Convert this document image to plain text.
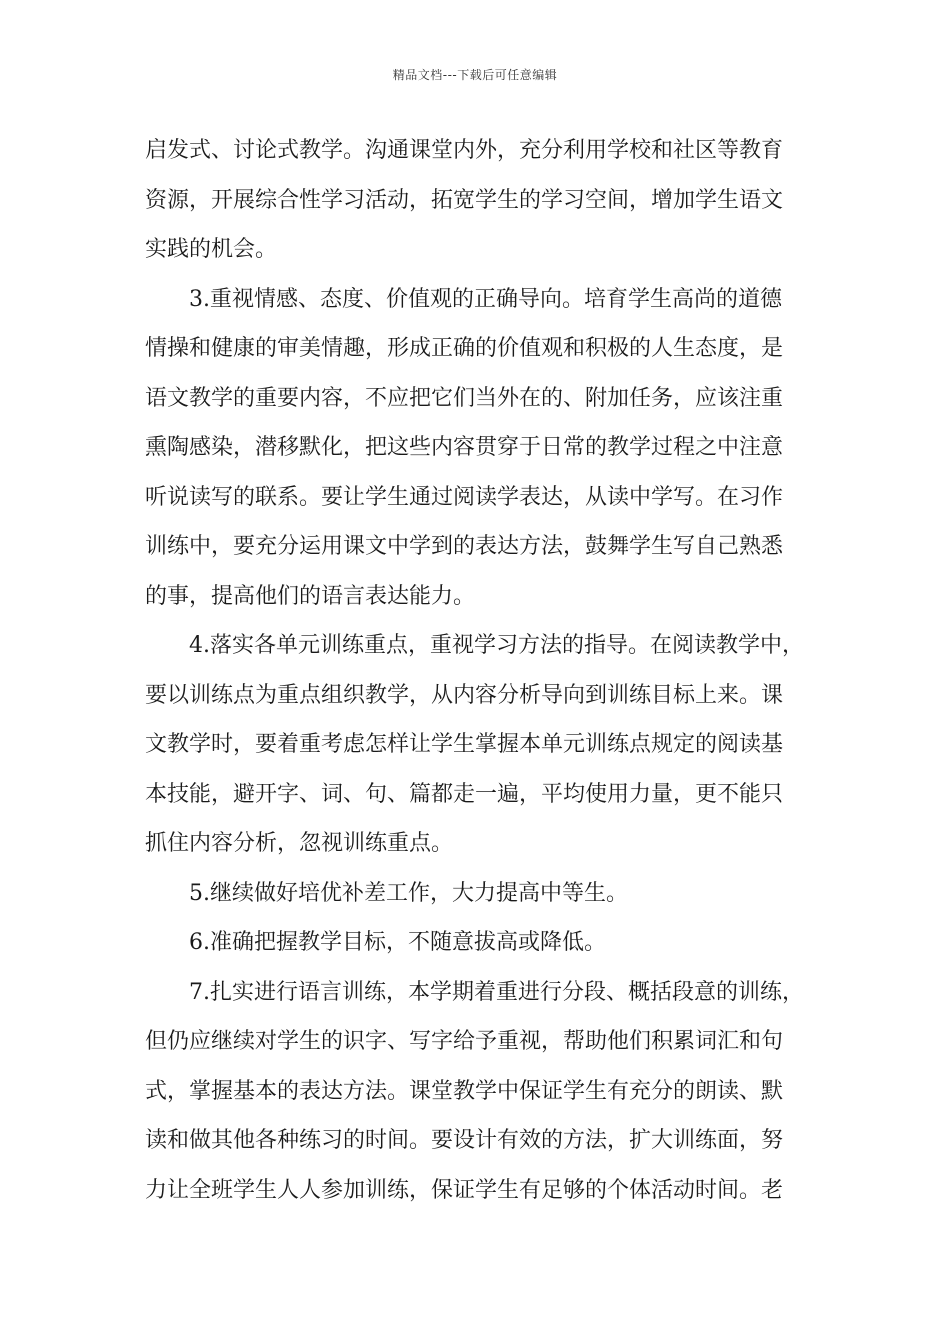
精品文档---下载后可任意编辑
启发式、讨论式教学。沟通课堂内外，充分利用学校和社区等教育
资源，开展综合性学习活动，拓宽学生的学习空间，增加学生语文
实践的机会。
3.重视情感、态度、价值观的正确导向。培育学生高尚的道德
情操和健康的审美情趣，形成正确的价值观和积极的人生态度，是
语文教学的重要内容，不应把它们当外在的、附加任务，应该注重
熏陶感染，潜移默化，把这些内容贯穿于日常的教学过程之中注意
听说读写的联系。要让学生通过阅读学表达，从读中学写。在习作
训练中，要充分运用课文中学到的表达方法，鼓舞学生写自己熟悉
的事，提高他们的语言表达能力。
4.落实各单元训练重点，重视学习方法的指导。在阅读教学中，
要以训练点为重点组织教学，从内容分析导向到训练目标上来。课
文教学时，要着重考虑怎样让学生掌握本单元训练点规定的阅读基
本技能，避开字、词、句、篇都走一遍，平均使用力量，更不能只
抓住内容分析，忽视训练重点。
5.继续做好培优补差工作，大力提高中等生。
6.准确把握教学目标，不随意拔高或降低。
7.扎实进行语言训练，本学期着重进行分段、概括段意的训练，
但仍应继续对学生的识字、写字给予重视，帮助他们积累词汇和句
式，掌握基本的表达方法。课堂教学中保证学生有充分的朗读、默
读和做其他各种练习的时间。要设计有效的方法，扩大训练面，努
力让全班学生人人参加训练，保证学生有足够的个体活动时间。老
